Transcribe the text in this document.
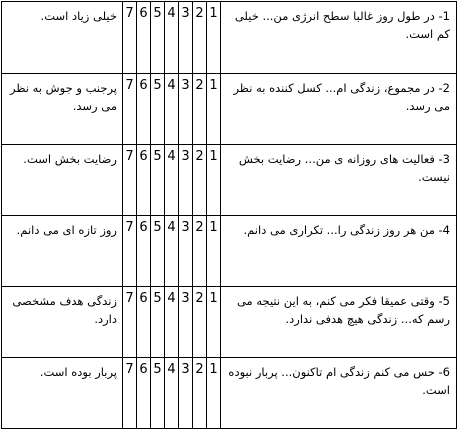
1- در طول روز غالبا سطح انرژی من... خیلی کم است.	1	2	3	4	5	6	7	خیلی زیاد است.

2- در مجموع، زندگی ام... کسل کننده به نظر می رسد.	1	2	3	4	5	6	7	پرجنب و جوش به نظر می رسد.

3- فعالیت های روزانه ی من... رضایت بخش نیست.	1	2	3	4	5	6	7	رضایت بخش است.

4- من هر روز زندگی را... تکراری می دانم.	1	2	3	4	5	6	7	روز تازه ای می دانم.

5- وقتی عمیقا فکر می کنم، به این نتیجه می رسم که... زندگی هیچ هدفی ندارد.	1	2	3	4	5	6	7	زندگی هدف مشخصی دارد.

6- حس می کنم زندگی ام تاکنون... پربار نبوده است.	1	2	3	4	5	6	7	پربار بوده است.
